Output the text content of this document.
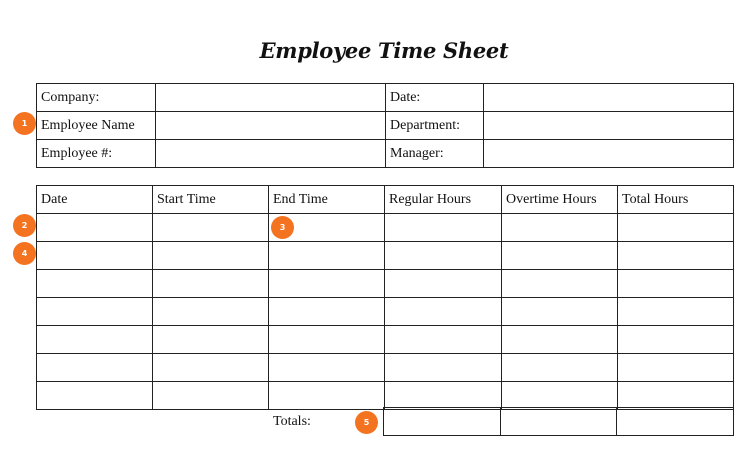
Employee Time Sheet
Company:		Date:	
Employee Name		Department:	
Employee #:		Manager:	
Date	Start Time	End Time	Regular Hours	Overtime Hours	Total Hours

Totals:

1
2	3
4
5
